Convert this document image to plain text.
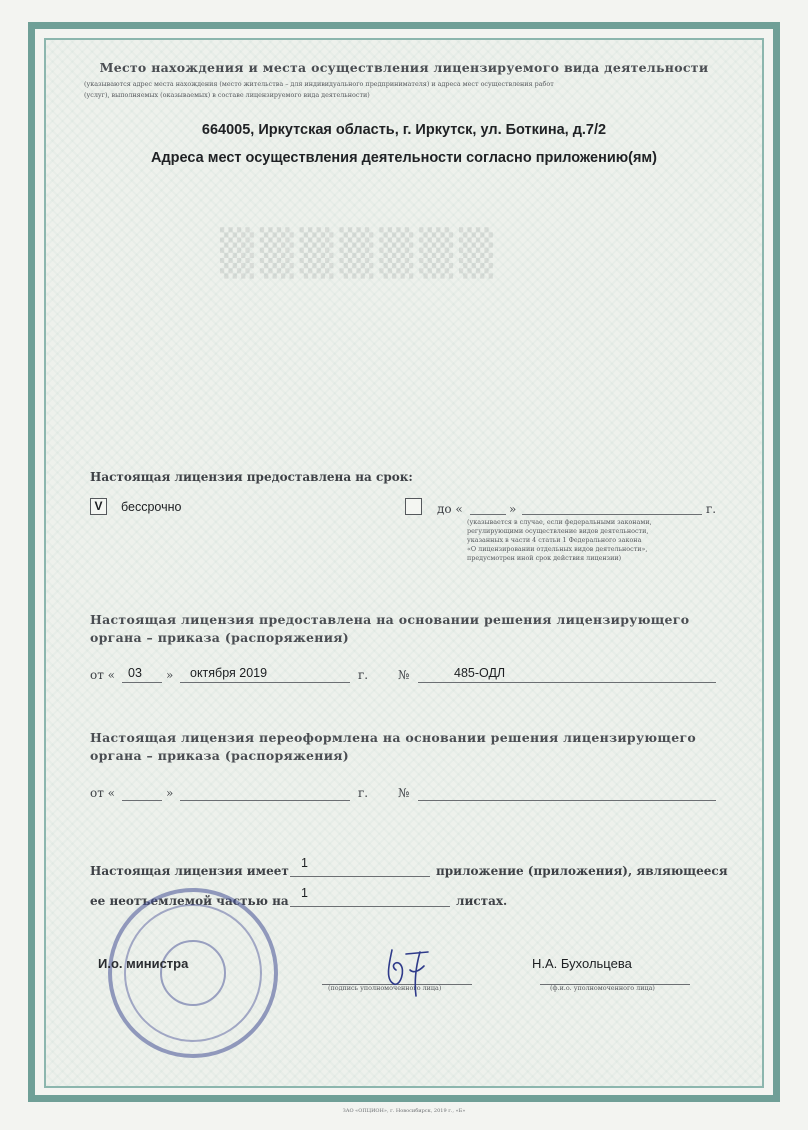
▒▒▒▒▒▒▒
Место нахождения и места осуществления лицензируемого вида деятельности
(указываются адрес места нахождения (место жительства – для индивидуального предпринимателя) и адреса мест осуществления работ
(услуг), выполняемых (оказываемых) в составе лицензируемого вида деятельности)
664005, Иркутская область, г. Иркутск, ул. Боткина, д.7/2
Адреса мест осуществления деятельности согласно приложению(ям)
Настоящая лицензия предоставлена на срок:
V	бессрочно	до «	»	г.
(указывается в случае, если федеральными законами,
регулирующими осуществление видов деятельности,
указанных в части 4 статьи 1 Федерального закона
«О лицензировании отдельных видов деятельности»,
предусмотрен иной срок действия лицензии)
Настоящая лицензия предоставлена на основании решения лицензирующего
органа – приказа (распоряжения)
от « 03 » октября 2019	г. №	485-ОДЛ
Настоящая лицензия переоформлена на основании решения лицензирующего
органа – приказа (распоряжения)
от «	»	г. №
Настоящая лицензия имеет
1
приложение (приложения), являющееся
ее неотъемлемой частью на
1
листах.
И.о. министра
(подпись уполномоченного лица)
Н.А. Бухольцева
(ф.и.о. уполномоченного лица)
ЗАО «ОПЦИОН», г. Новосибирск, 2019 г., «Б»
